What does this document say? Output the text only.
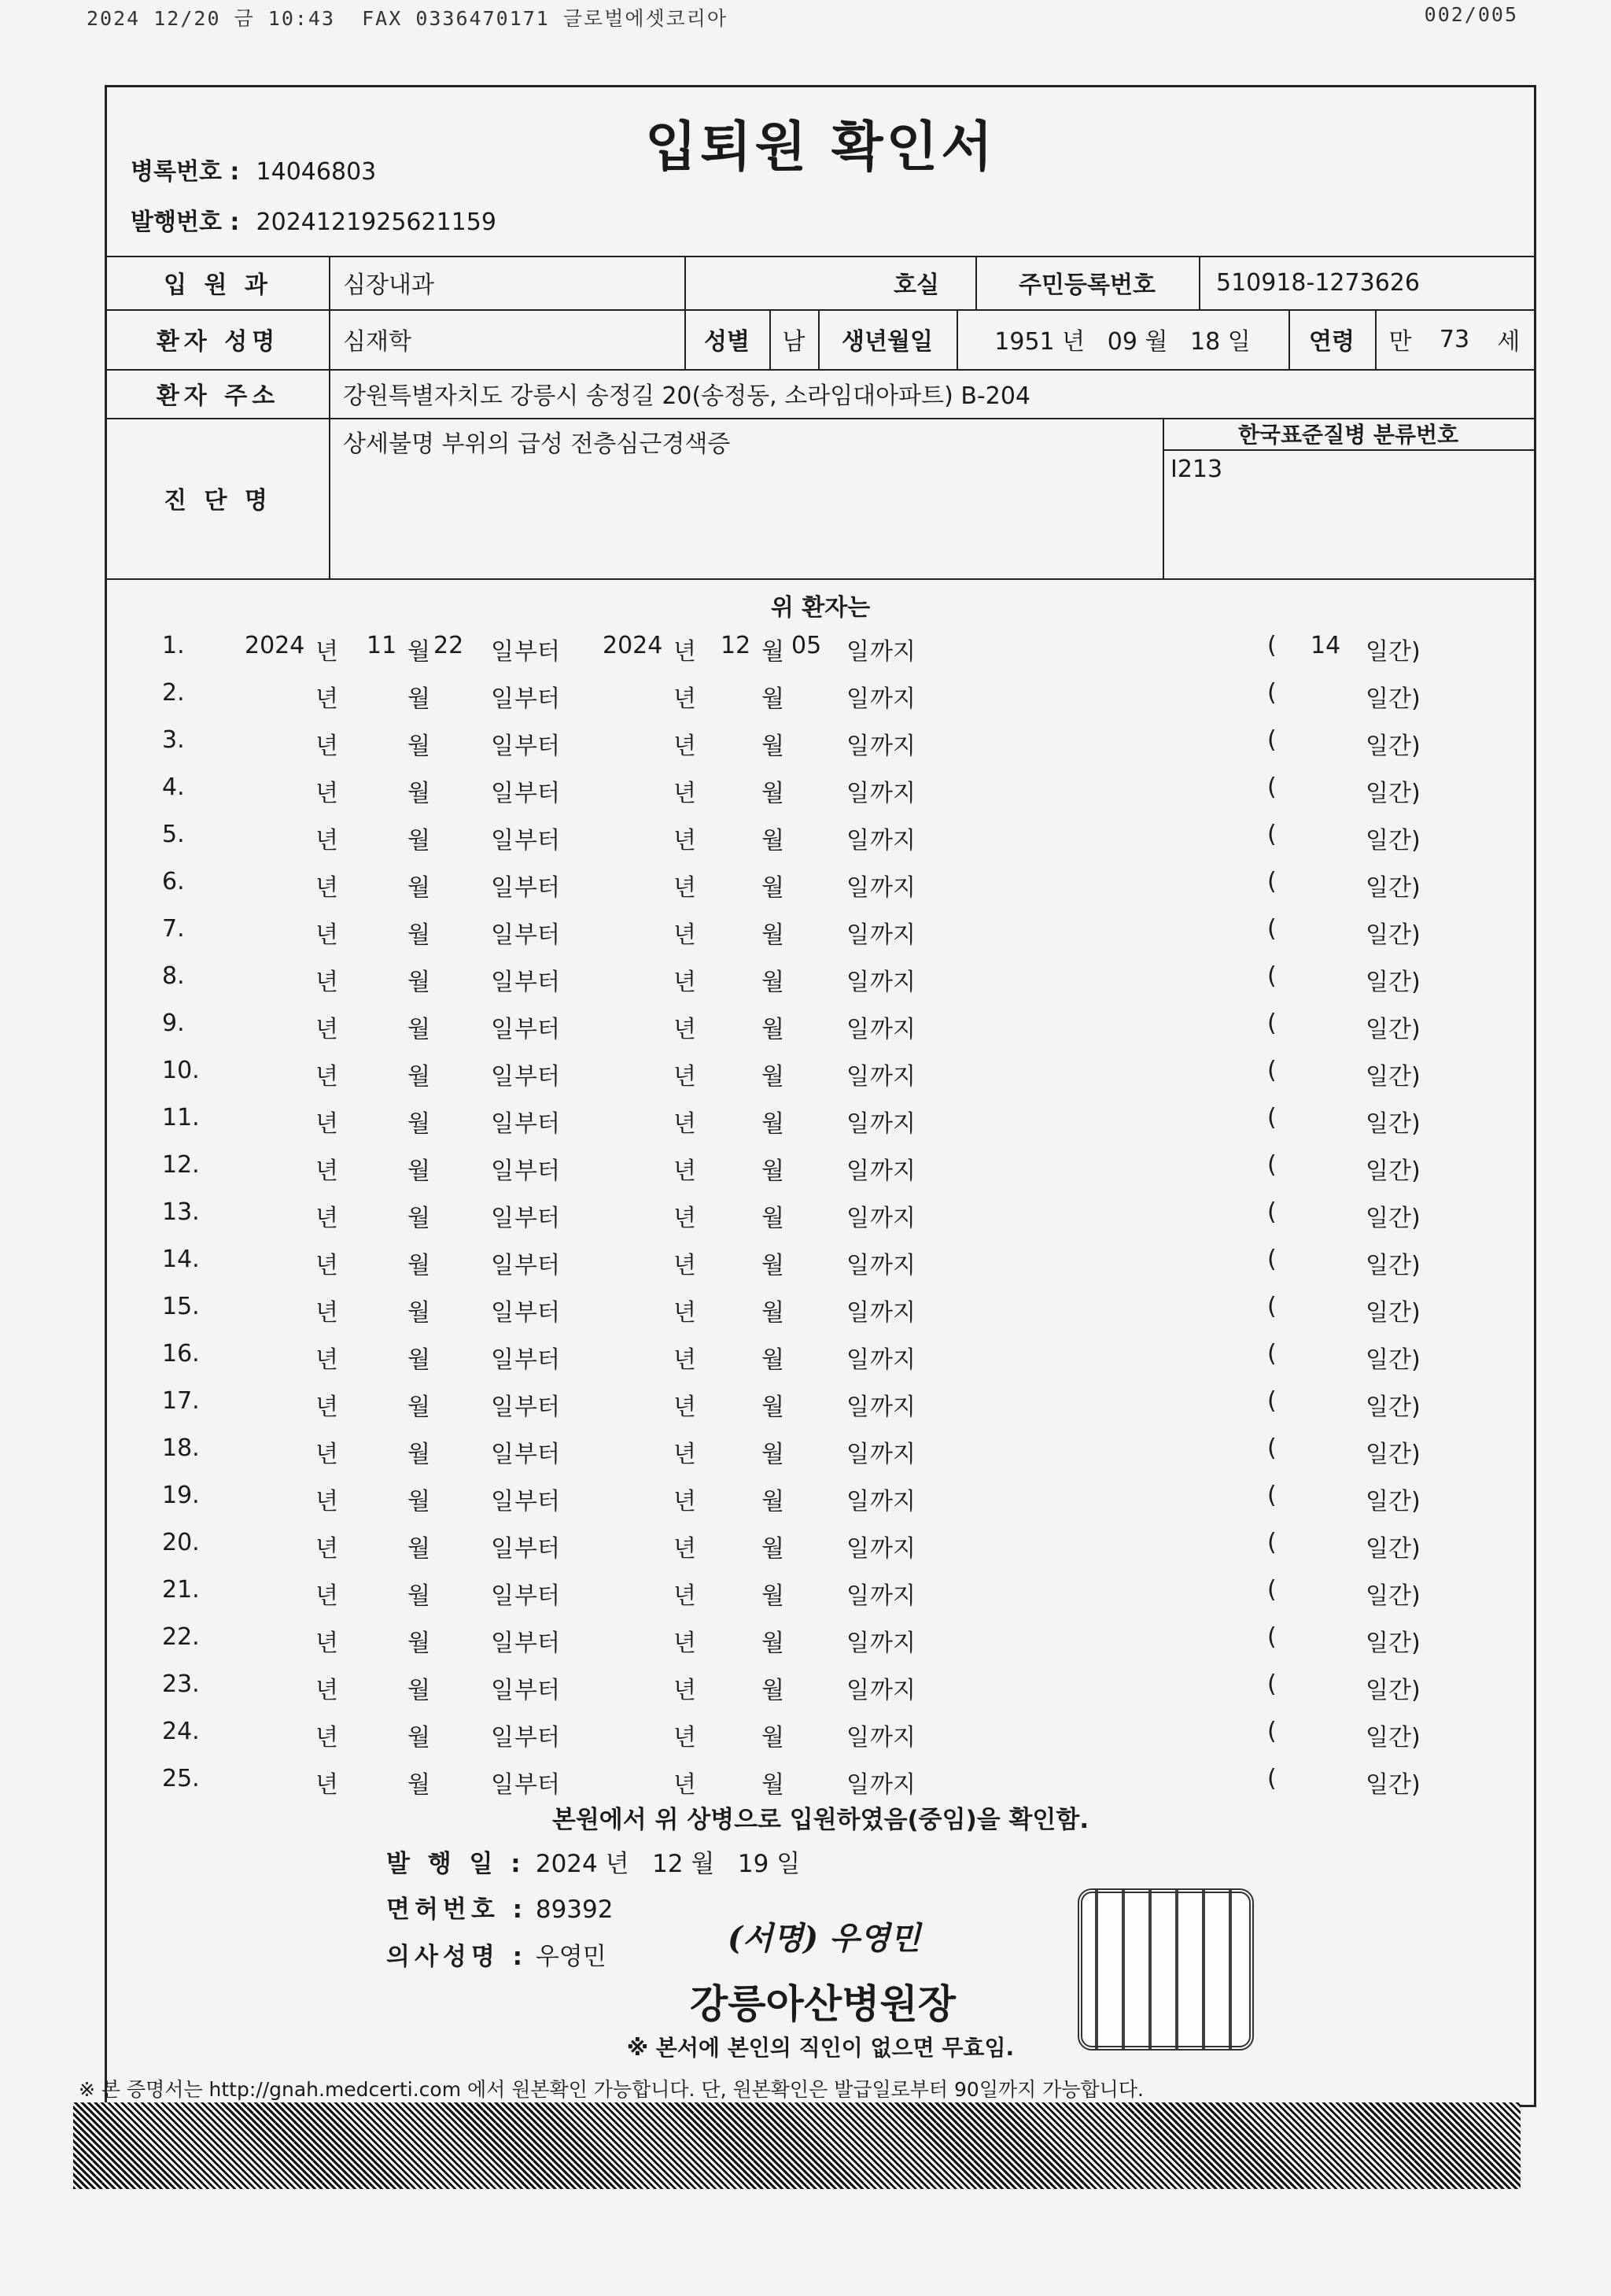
2024 12/20 금 10:43  FAX 0336470171 글로벌에셋코리아	002/005
입퇴원 확인서
병록번호 : 14046803
발행번호 : 2024121925621159
입 원 과	심장내과	호실	주민등록번호	510918-1273626
환자 성명	심재학	성별	남	생년월일	1951 년   09 월   18 일	연령	만 73 세
환자 주소	강원특별자치도 강릉시 송정길 20(송정동, 소라임대아파트) B-204
진 단 명
상세불명 부위의 급성 전층심근경색증	한국표준질병 분류번호
I213
위 환자는
1.	2024 년 11 월 22 일 부터 2024 년 12 월 05 일 까지	( 14 일간)
2.	년	월	일 부터	년	월	일 까지	(	일간)
3.	년	월	일 부터	년	월	일 까지	(	일간)
4.	년	월	일 부터	년	월	일 까지	(	일간)
5.	년	월	일 부터	년	월	일 까지	(	일간)
6.	년	월	일 부터	년	월	일 까지	(	일간)
7.	년	월	일 부터	년	월	일 까지	(	일간)
8.	년	월	일 부터	년	월	일 까지	(	일간)
9.	년	월	일 부터	년	월	일 까지	(	일간)
10.	년	월	일 부터	년	월	일 까지	(	일간)
11.	년	월	일 부터	년	월	일 까지	(	일간)
12.	년	월	일 부터	년	월	일 까지	(	일간)
13.	년	월	일 부터	년	월	일 까지	(	일간)
14.	년	월	일 부터	년	월	일 까지	(	일간)
15.	년	월	일 부터	년	월	일 까지	(	일간)
16.	년	월	일 부터	년	월	일 까지	(	일간)
17.	년	월	일 부터	년	월	일 까지	(	일간)
18.	년	월	일 부터	년	월	일 까지	(	일간)
19.	년	월	일 부터	년	월	일 까지	(	일간)
20.	년	월	일 부터	년	월	일 까지	(	일간)
21.	년	월	일 부터	년	월	일 까지	(	일간)
22.	년	월	일 부터	년	월	일 까지	(	일간)
23.	년	월	일 부터	년	월	일 까지	(	일간)
24.	년	월	일 부터	년	월	일 까지	(	일간)
25.	년	월	일 부터	년	월	일 까지	(	일간)
본원에서 위 상병으로 입원하였음(중임)을 확인함.
발 행 일 : 2024 년   12 월   19 일
면허번호 : 89392
의사성명 : 우영민
강릉아산병원장
※ 본서에 본인의 직인이 없으면 무효임.
(서명) 우영민
※ 본 증명서는 http://gnah.medcerti.com 에서 원본확인 가능합니다. 단, 원본확인은 발급일로부터 90일까지 가능합니다.
